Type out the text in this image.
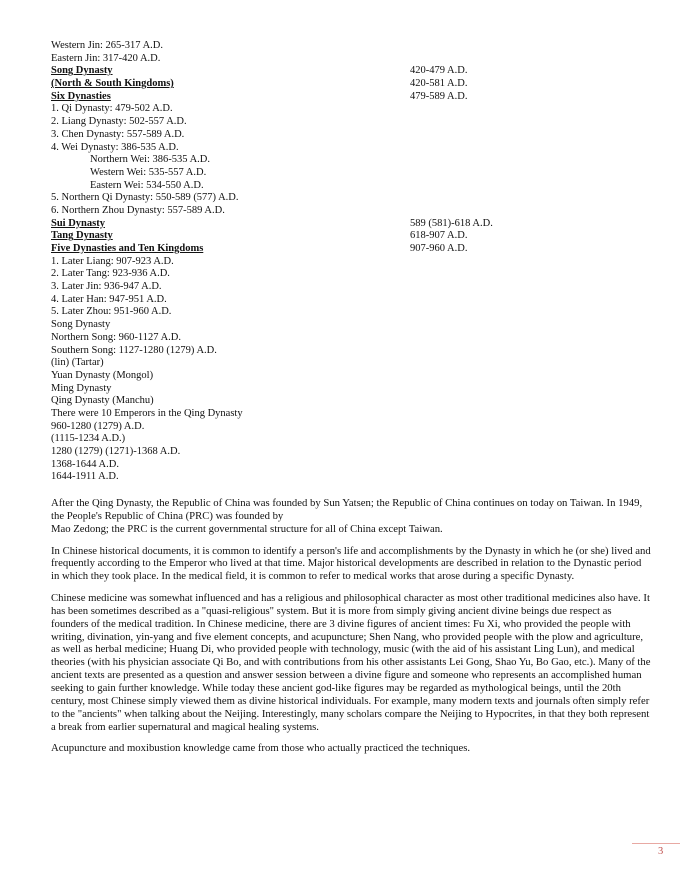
Western Jin: 265-317 A.D.
Eastern Jin: 317-420 A.D.
Song Dynasty	420-479 A.D.
(North & South Kingdoms)	420-581 A.D.
Six Dynasties	479-589 A.D.
1. Qi Dynasty: 479-502 A.D.
2. Liang Dynasty: 502-557 A.D.
3. Chen Dynasty: 557-589 A.D.
4. Wei Dynasty: 386-535 A.D.
Northern Wei: 386-535 A.D.
Western Wei: 535-557 A.D.
Eastern Wei: 534-550 A.D.
5. Northern Qi Dynasty: 550-589 (577) A.D.
6. Northern Zhou Dynasty: 557-589 A.D.
Sui Dynasty	589 (581)-618 A.D.
Tang Dynasty	618-907 A.D.
Five Dynasties and Ten Kingdoms	907-960 A.D.
1. Later Liang: 907-923 A.D.
2. Later Tang: 923-936 A.D.
3. Later Jin: 936-947 A.D.
4. Later Han: 947-951 A.D.
5. Later Zhou: 951-960 A.D.
Song Dynasty
Northern Song: 960-1127 A.D.
Southern Song: 1127-1280 (1279) A.D.
(lin) (Tartar)
Yuan Dynasty (Mongol)
Ming Dynasty
Qing Dynasty (Manchu)
There were 10 Emperors in the Qing Dynasty
960-1280 (1279) A.D.
(1115-1234 A.D.)
1280 (1279) (1271)-1368 A.D.
1368-1644 A.D.
1644-1911 A.D.

After the Qing Dynasty, the Republic of China was founded by Sun Yatsen; the Republic of China continues on today on Taiwan. In 1949, the People's Republic of China (PRC) was founded by
Mao Zedong; the PRC is the current governmental structure for all of China except Taiwan.

In Chinese historical documents, it is common to identify a person's life and accomplishments by the Dynasty in which he (or she) lived and frequently according to the Emperor who lived at that time. Major historical developments are described in relation to the Dynastic period in which they took place. In the medical field, it is common to refer to medical works that arose during a specific Dynasty.

Chinese medicine was somewhat influenced and has a religious and philosophical character as most other traditional medicines also have. It has been sometimes described as a "quasi-religious" system. But it is more from simply giving ancient divine beings due respect as founders of the medical tradition. In Chinese medicine, there are 3 divine figures of ancient times: Fu Xi, who provided the people with writing, divination, yin-yang and five element concepts, and acupuncture; Shen Nang, who provided people with the plow and agriculture, as well as herbal medicine; Huang Di, who provided people with technology, music (with the aid of his assistant Ling Lun), and medical theories (with his physician associate Qi Bo, and with contributions from his other assistants Lei Gong, Shao Yu, Bo Gao, etc.). Many of the ancient texts are presented as a question and answer session between a divine figure and someone who represents an accomplished human seeking to gain further knowledge. While today these ancient god-like figures may be regarded as mythological beings, until the 20th century, most Chinese simply viewed them as divine historical individuals. For example, many modern texts and journals often simply refer to the "ancients" when talking about the Neijing. Interestingly, many scholars compare the Neijing to Hypocrites, in that they both represent a break from earlier supernatural and magical healing systems.

Acupuncture and moxibustion knowledge came from those who actually practiced the techniques.

3
